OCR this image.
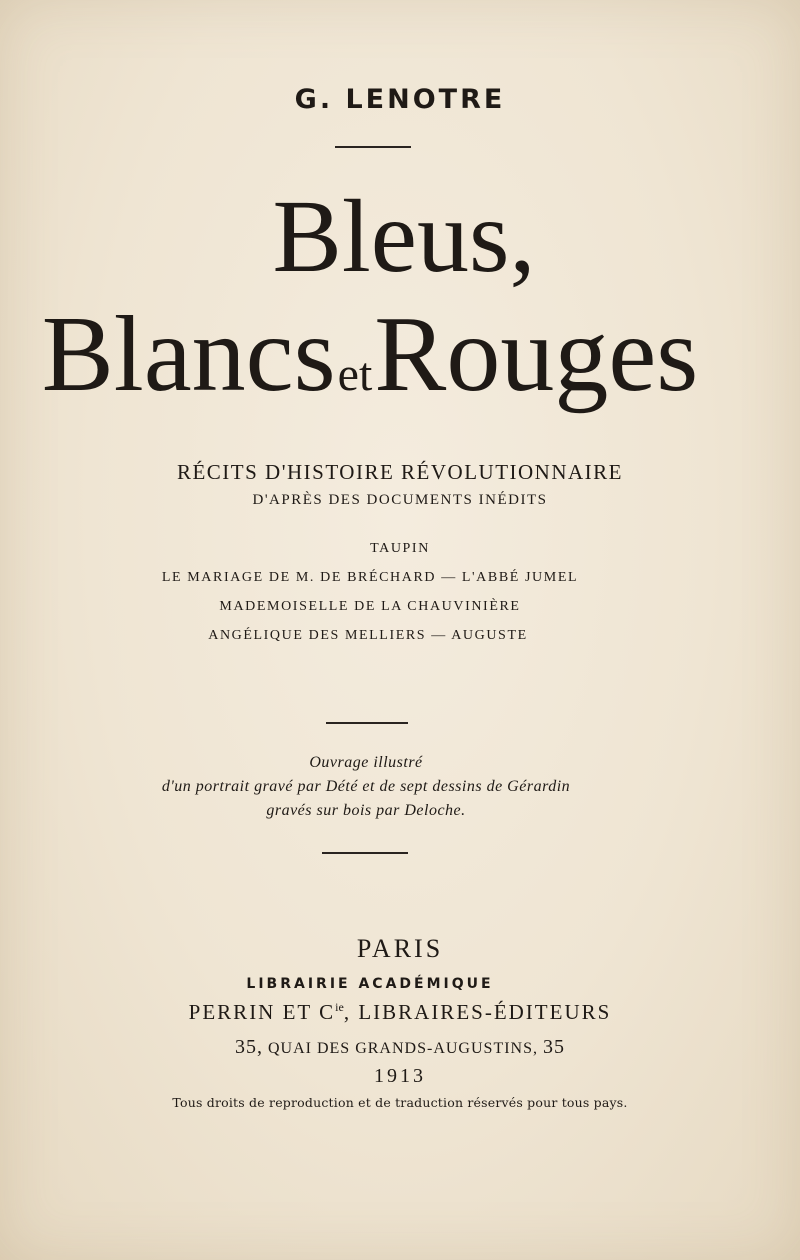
G. LENOTRE
Bleus,
BlancsetRouges
RÉCITS D'HISTOIRE RÉVOLUTIONNAIRE
D'APRÈS DES DOCUMENTS INÉDITS
TAUPIN
LE MARIAGE DE M. DE BRÉCHARD — L'ABBÉ JUMEL
MADEMOISELLE DE LA CHAUVINIÈRE
ANGÉLIQUE DES MELLIERS — AUGUSTE
Ouvrage illustré
d'un portrait gravé par Dété et de sept dessins de Gérardin
gravés sur bois par Deloche.
PARIS
LIBRAIRIE ACADÉMIQUE
PERRIN ET $C^{ie}$, LIBRAIRES-ÉDITEURS
35, QUAI DES GRANDS-AUGUSTINS, 35
1913
Tous droits de reproduction et de traduction réservés pour tous pays.
